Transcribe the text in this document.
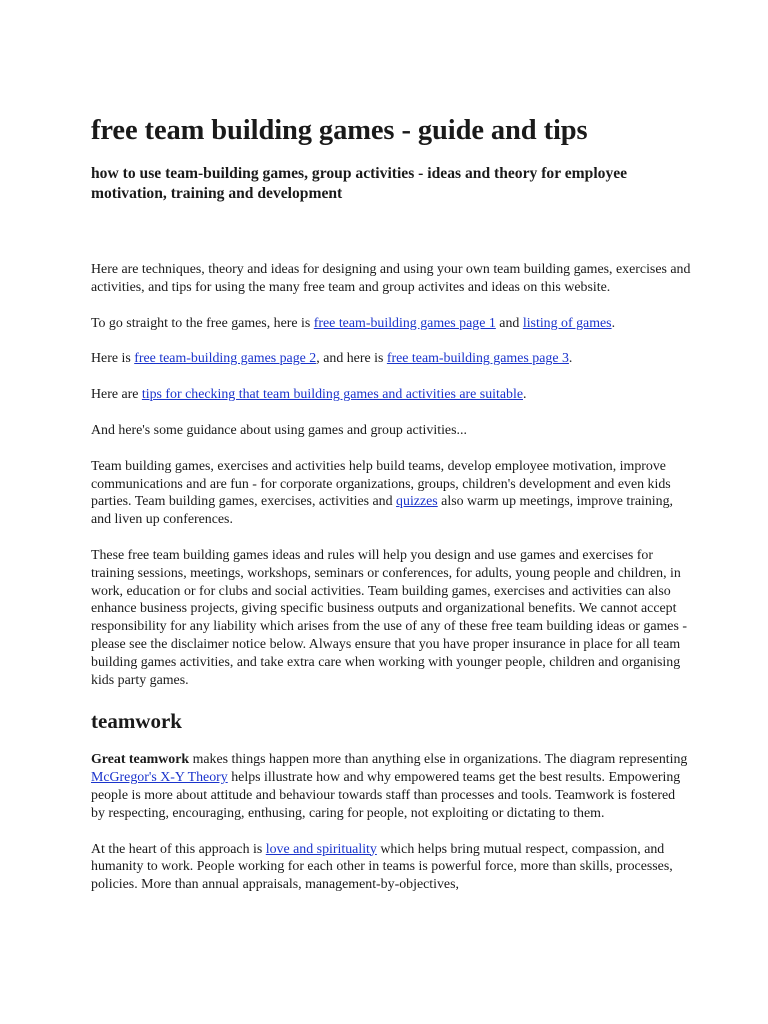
free team building games - guide and tips
how to use team-building games, group activities - ideas and theory for employee motivation, training and development

Here are techniques, theory and ideas for designing and using your own team building games, exercises and activities, and tips for using the many free team and group activites and ideas on this website.

To go straight to the free games, here is free team-building games page 1 and listing of games.

Here is free team-building games page 2, and here is free team-building games page 3.

Here are tips for checking that team building games and activities are suitable.

And here's some guidance about using games and group activities...

Team building games, exercises and activities help build teams, develop employee motivation, improve communications and are fun - for corporate organizations, groups, children's development and even kids parties. Team building games, exercises, activities and quizzes also warm up meetings, improve training, and liven up conferences.

These free team building games ideas and rules will help you design and use games and exercises for training sessions, meetings, workshops, seminars or conferences, for adults, young people and children, in work, education or for clubs and social activities. Team building games, exercises and activities can also enhance business projects, giving specific business outputs and organizational benefits. We cannot accept responsibility for any liability which arises from the use of any of these free team building ideas or games - please see the disclaimer notice below. Always ensure that you have proper insurance in place for all team building games activities, and take extra care when working with younger people, children and organising kids party games.

teamwork

Great teamwork makes things happen more than anything else in organizations. The diagram representing McGregor's X-Y Theory helps illustrate how and why empowered teams get the best results. Empowering people is more about attitude and behaviour towards staff than processes and tools. Teamwork is fostered by respecting, encouraging, enthusing, caring for people, not exploiting or dictating to them.

At the heart of this approach is love and spirituality which helps bring mutual respect, compassion, and humanity to work. People working for each other in teams is powerful force, more than skills, processes, policies. More than annual appraisals, management-by-objectives,
